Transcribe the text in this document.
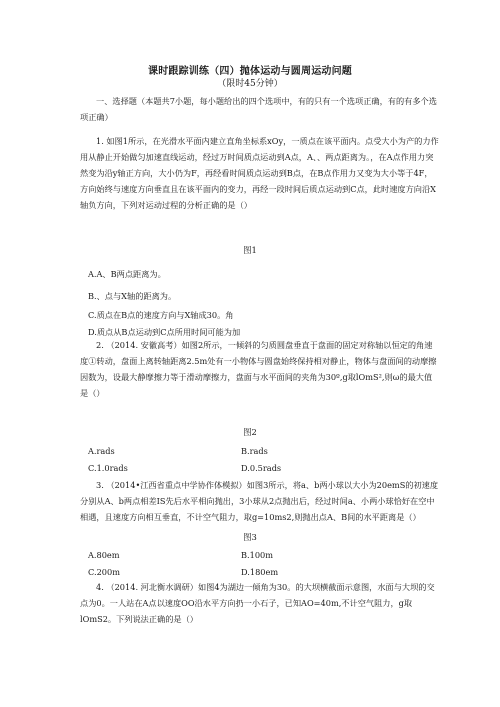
课时跟踪训练（四）抛体运动与圆周运动问题
（限时45分钟）

一、选择题（本题共7小题，每小题给出的四个选项中，有的只有一个选项正确，有的有多个选项正确）

1. 如图1所示，在光滑水平面内建立直角坐标系xOy，一质点在该平面内。点受大小为产的力作用从静止开始做匀加速直线运动，经过万时间质点运动到A点，A、、两点距离为。，在A点作用力突然变为沿y轴正方向，大小仍为F，再经看时间质点运动到B点，在B点作用力又变为大小等于4F，方向始终与速度方向垂直且在该平面内的变力，再经一段时间后质点运动到C点，此时速度方向沿X轴负方向，下列对运动过程的分析正确的是（）

图1
A.A、B两点距离为。
B.、点与X轴的距离为。
C.质点在B点的速度方向与X轴成30。角
D.质点从B点运动到C点所用时间可能为加

2. （2014. 安徽高考）如图2所示，一倾斜的匀质圆盘垂直于盘面的固定对称轴以恒定的角速度①转动，盘面上离转轴距离2.5m处有一小物体与圆盘始终保持相对静止，物体与盘面间的动摩擦因数为，设最大静摩擦力等于滑动摩擦力，盘面与水平面间的夹角为30º,g取lOmS²,则ω的最大值是（）

图2
A.rads	B.rads
C.1.0rads	D.0.5rads

3. （2014•江西省重点中学协作体模拟）如图3所示，将a、b两小球以大小为20emS的初速度分别从A、b两点相差IS先后水平相向抛出，3小球从2点抛出后，经过时间a、小两小球恰好在空中相遇，且速度方向相互垂直，不计空气阻力，取g=10ms2,则抛出点A、B间的水平距离是（）

图3
A.80em	B.100m
C.200m	D.180em

4. （2014. 河北衡水调研）如图4为湖边一倾角为30。的大坝横截面示意图，水面与大坝的交点为0。一人站在A点以速度OO沿水平方向扔一小石子，已知AO=40m,不计空气阻力，g取lOmS2。下列说法正确的是（）
